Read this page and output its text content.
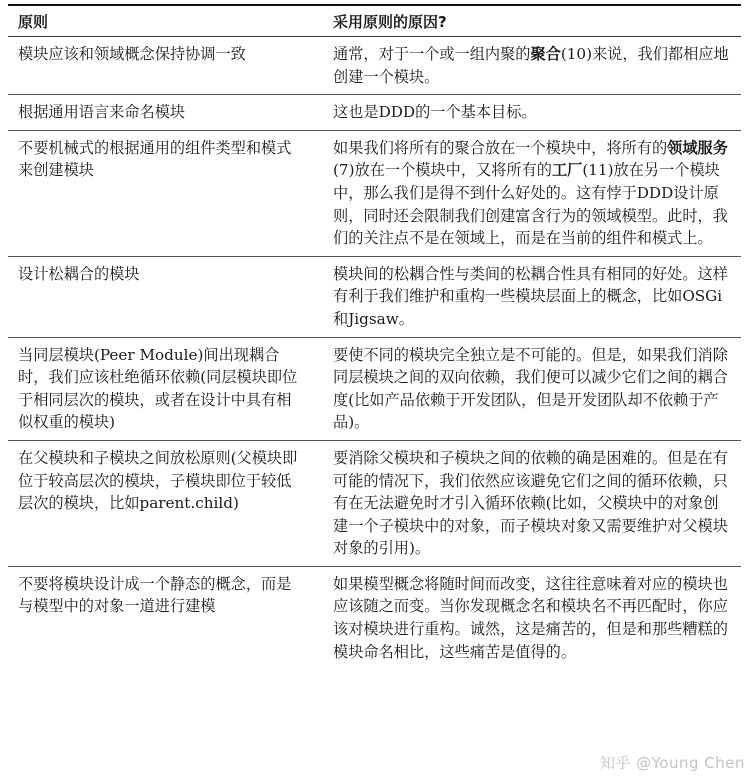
原则	采用原则的原因?
模块应该和领域概念保持协调一致	通常，对于一个或一组内聚的聚合(10)来说，我们都相应地创建一个模块。
根据通用语言来命名模块	这也是DDD的一个基本目标。
不要机械式的根据通用的组件类型和模式来创建模块	如果我们将所有的聚合放在一个模块中，将所有的领域服务(7)放在一个模块中，又将所有的工厂(11)放在另一个模块中，那么我们是得不到什么好处的。这有悖于DDD设计原则，同时还会限制我们创建富含行为的领域模型。此时，我们的关注点不是在领域上，而是在当前的组件和模式上。
设计松耦合的模块	模块间的松耦合性与类间的松耦合性具有相同的好处。这样有利于我们维护和重构一些模块层面上的概念，比如OSGi和Jigsaw。
当同层模块(Peer Module)间出现耦合时，我们应该杜绝循环依赖(同层模块即位于相同层次的模块，或者在设计中具有相似权重的模块)	要使不同的模块完全独立是不可能的。但是，如果我们消除同层模块之间的双向依赖，我们便可以减少它们之间的耦合度(比如产品依赖于开发团队，但是开发团队却不依赖于产品)。
在父模块和子模块之间放松原则(父模块即位于较高层次的模块，子模块即位于较低层次的模块，比如parent.child)	要消除父模块和子模块之间的依赖的确是困难的。但是在有可能的情况下，我们依然应该避免它们之间的循环依赖，只有在无法避免时才引入循环依赖(比如，父模块中的对象创建一个子模块中的对象，而子模块对象又需要维护对父模块对象的引用)。
不要将模块设计成一个静态的概念，而是与模型中的对象一道进行建模	如果模型概念将随时间而改变，这往往意味着对应的模块也应该随之而变。当你发现概念名和模块名不再匹配时，你应该对模块进行重构。诚然，这是痛苦的，但是和那些糟糕的模块命名相比，这些痛苦是值得的。
知乎 @Young Chen
